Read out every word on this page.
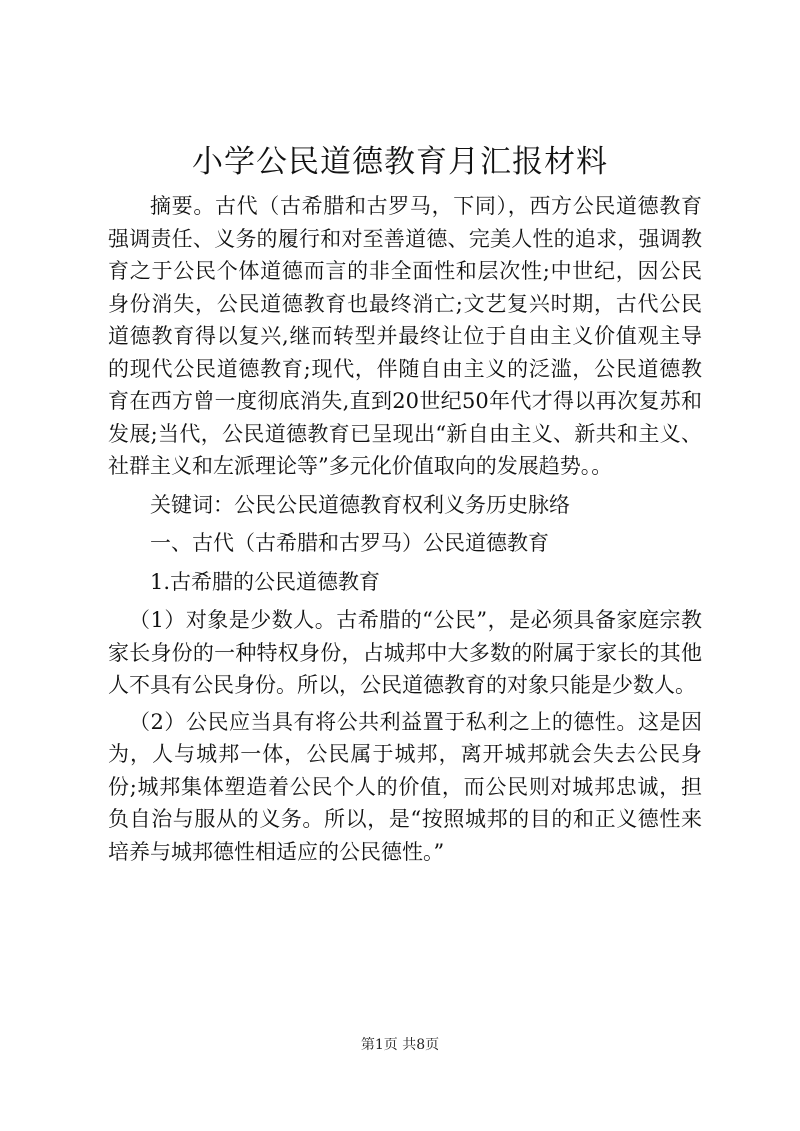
小学公民道德教育月汇报材料

摘要。古代（古希腊和古罗马，下同），西方公民道德教育强调责任、义务的履行和对至善道德、完美人性的追求，强调教育之于公民个体道德而言的非全面性和层次性;中世纪，因公民身份消失，公民道德教育也最终消亡;文艺复兴时期，古代公民道德教育得以复兴,继而转型并最终让位于自由主义价值观主导的现代公民道德教育;现代，伴随自由主义的泛滥，公民道德教育在西方曾一度彻底消失,直到20世纪50年代才得以再次复苏和发展;当代，公民道德教育已呈现出“新自由主义、新共和主义、社群主义和左派理论等”多元化价值取向的发展趋势。。

关键词：公民公民道德教育权利义务历史脉络

一、古代（古希腊和古罗马）公民道德教育

1.古希腊的公民道德教育

（1）对象是少数人。古希腊的“公民”，是必须具备家庭宗教家长身份的一种特权身份，占城邦中大多数的附属于家长的其他人不具有公民身份。所以，公民道德教育的对象只能是少数人。

（2）公民应当具有将公共利益置于私利之上的德性。这是因为，人与城邦一体，公民属于城邦，离开城邦就会失去公民身份;城邦集体塑造着公民个人的价值，而公民则对城邦忠诚，担负自治与服从的义务。所以，是“按照城邦的目的和正义德性来培养与城邦德性相适应的公民德性。”

第1页 共8页
